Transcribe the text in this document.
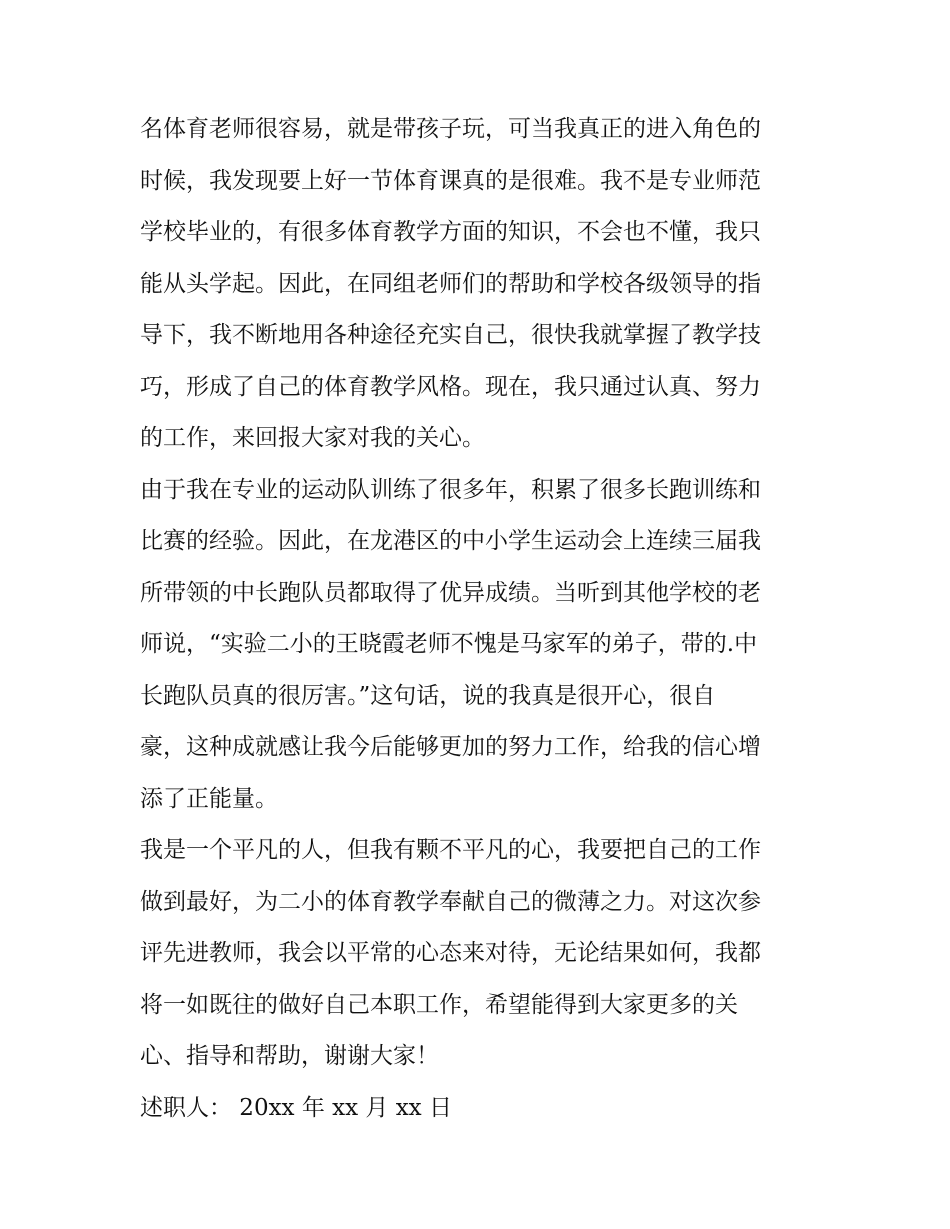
名体育老师很容易，就是带孩子玩，可当我真正的进入角色的
时候，我发现要上好一节体育课真的是很难。我不是专业师范
学校毕业的，有很多体育教学方面的知识，不会也不懂，我只
能从头学起。因此，在同组老师们的帮助和学校各级领导的指
导下，我不断地用各种途径充实自己，很快我就掌握了教学技
巧，形成了自己的体育教学风格。现在，我只通过认真、努力
的工作，来回报大家对我的关心。
由于我在专业的运动队训练了很多年，积累了很多长跑训练和
比赛的经验。因此，在龙港区的中小学生运动会上连续三届我
所带领的中长跑队员都取得了优异成绩。当听到其他学校的老
师说，“实验二小的王晓霞老师不愧是马家军的弟子，带的.中
长跑队员真的很厉害。”这句话，说的我真是很开心，很自
豪，这种成就感让我今后能够更加的努力工作，给我的信心增
添了正能量。
我是一个平凡的人，但我有颗不平凡的心，我要把自己的工作
做到最好，为二小的体育教学奉献自己的微薄之力。对这次参
评先进教师，我会以平常的心态来对待，无论结果如何，我都
将一如既往的做好自己本职工作，希望能得到大家更多的关
心、指导和帮助，谢谢大家！
述职人： 20xx 年 xx 月 xx 日
